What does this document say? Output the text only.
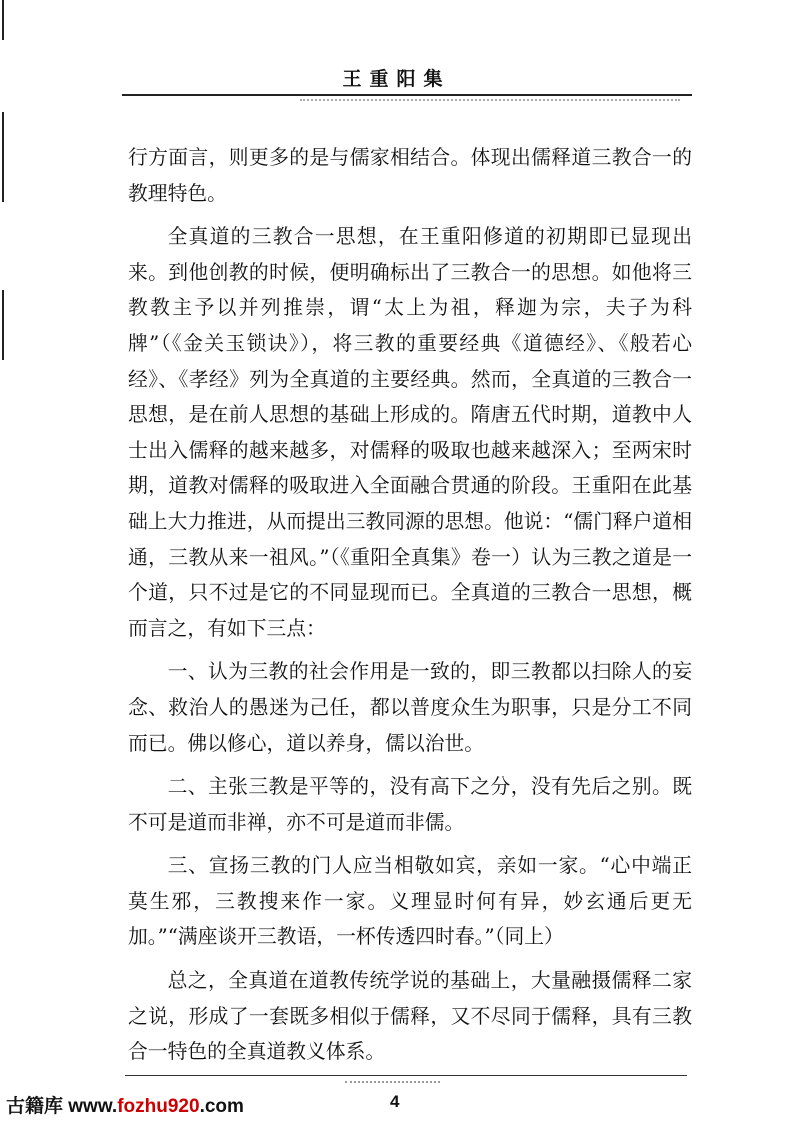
王重阳集

行方面言，则更多的是与儒家相结合。体现出儒释道三教合一的教理特色。

全真道的三教合一思想，在王重阳修道的初期即已显现出来。到他创教的时候，便明确标出了三教合一的思想。如他将三教教主予以并列推崇，谓“太上为祖，释迦为宗，夫子为科牌”（《金关玉锁诀》），将三教的重要经典《道德经》、《般若心经》、《孝经》列为全真道的主要经典。然而，全真道的三教合一思想，是在前人思想的基础上形成的。隋唐五代时期，道教中人士出入儒释的越来越多，对儒释的吸取也越来越深入；至两宋时期，道教对儒释的吸取进入全面融合贯通的阶段。王重阳在此基础上大力推进，从而提出三教同源的思想。他说：“儒门释户道相通，三教从来一祖风。”（《重阳全真集》卷一）认为三教之道是一个道，只不过是它的不同显现而已。全真道的三教合一思想，概而言之，有如下三点：

一、认为三教的社会作用是一致的，即三教都以扫除人的妄念、救治人的愚迷为己任，都以普度众生为职事，只是分工不同而已。佛以修心，道以养身，儒以治世。

二、主张三教是平等的，没有高下之分，没有先后之别。既不可是道而非禅，亦不可是道而非儒。

三、宣扬三教的门人应当相敬如宾，亲如一家。“心中端正莫生邪，三教搜来作一家。义理显时何有异，妙玄通后更无加。”“满座谈开三教语，一杯传透四时春。”（同上）

总之，全真道在道教传统学说的基础上，大量融摄儒释二家之说，形成了一套既多相似于儒释，又不尽同于儒释，具有三教合一特色的全真道教义体系。

古籍库 www.fozhu920.com	4
